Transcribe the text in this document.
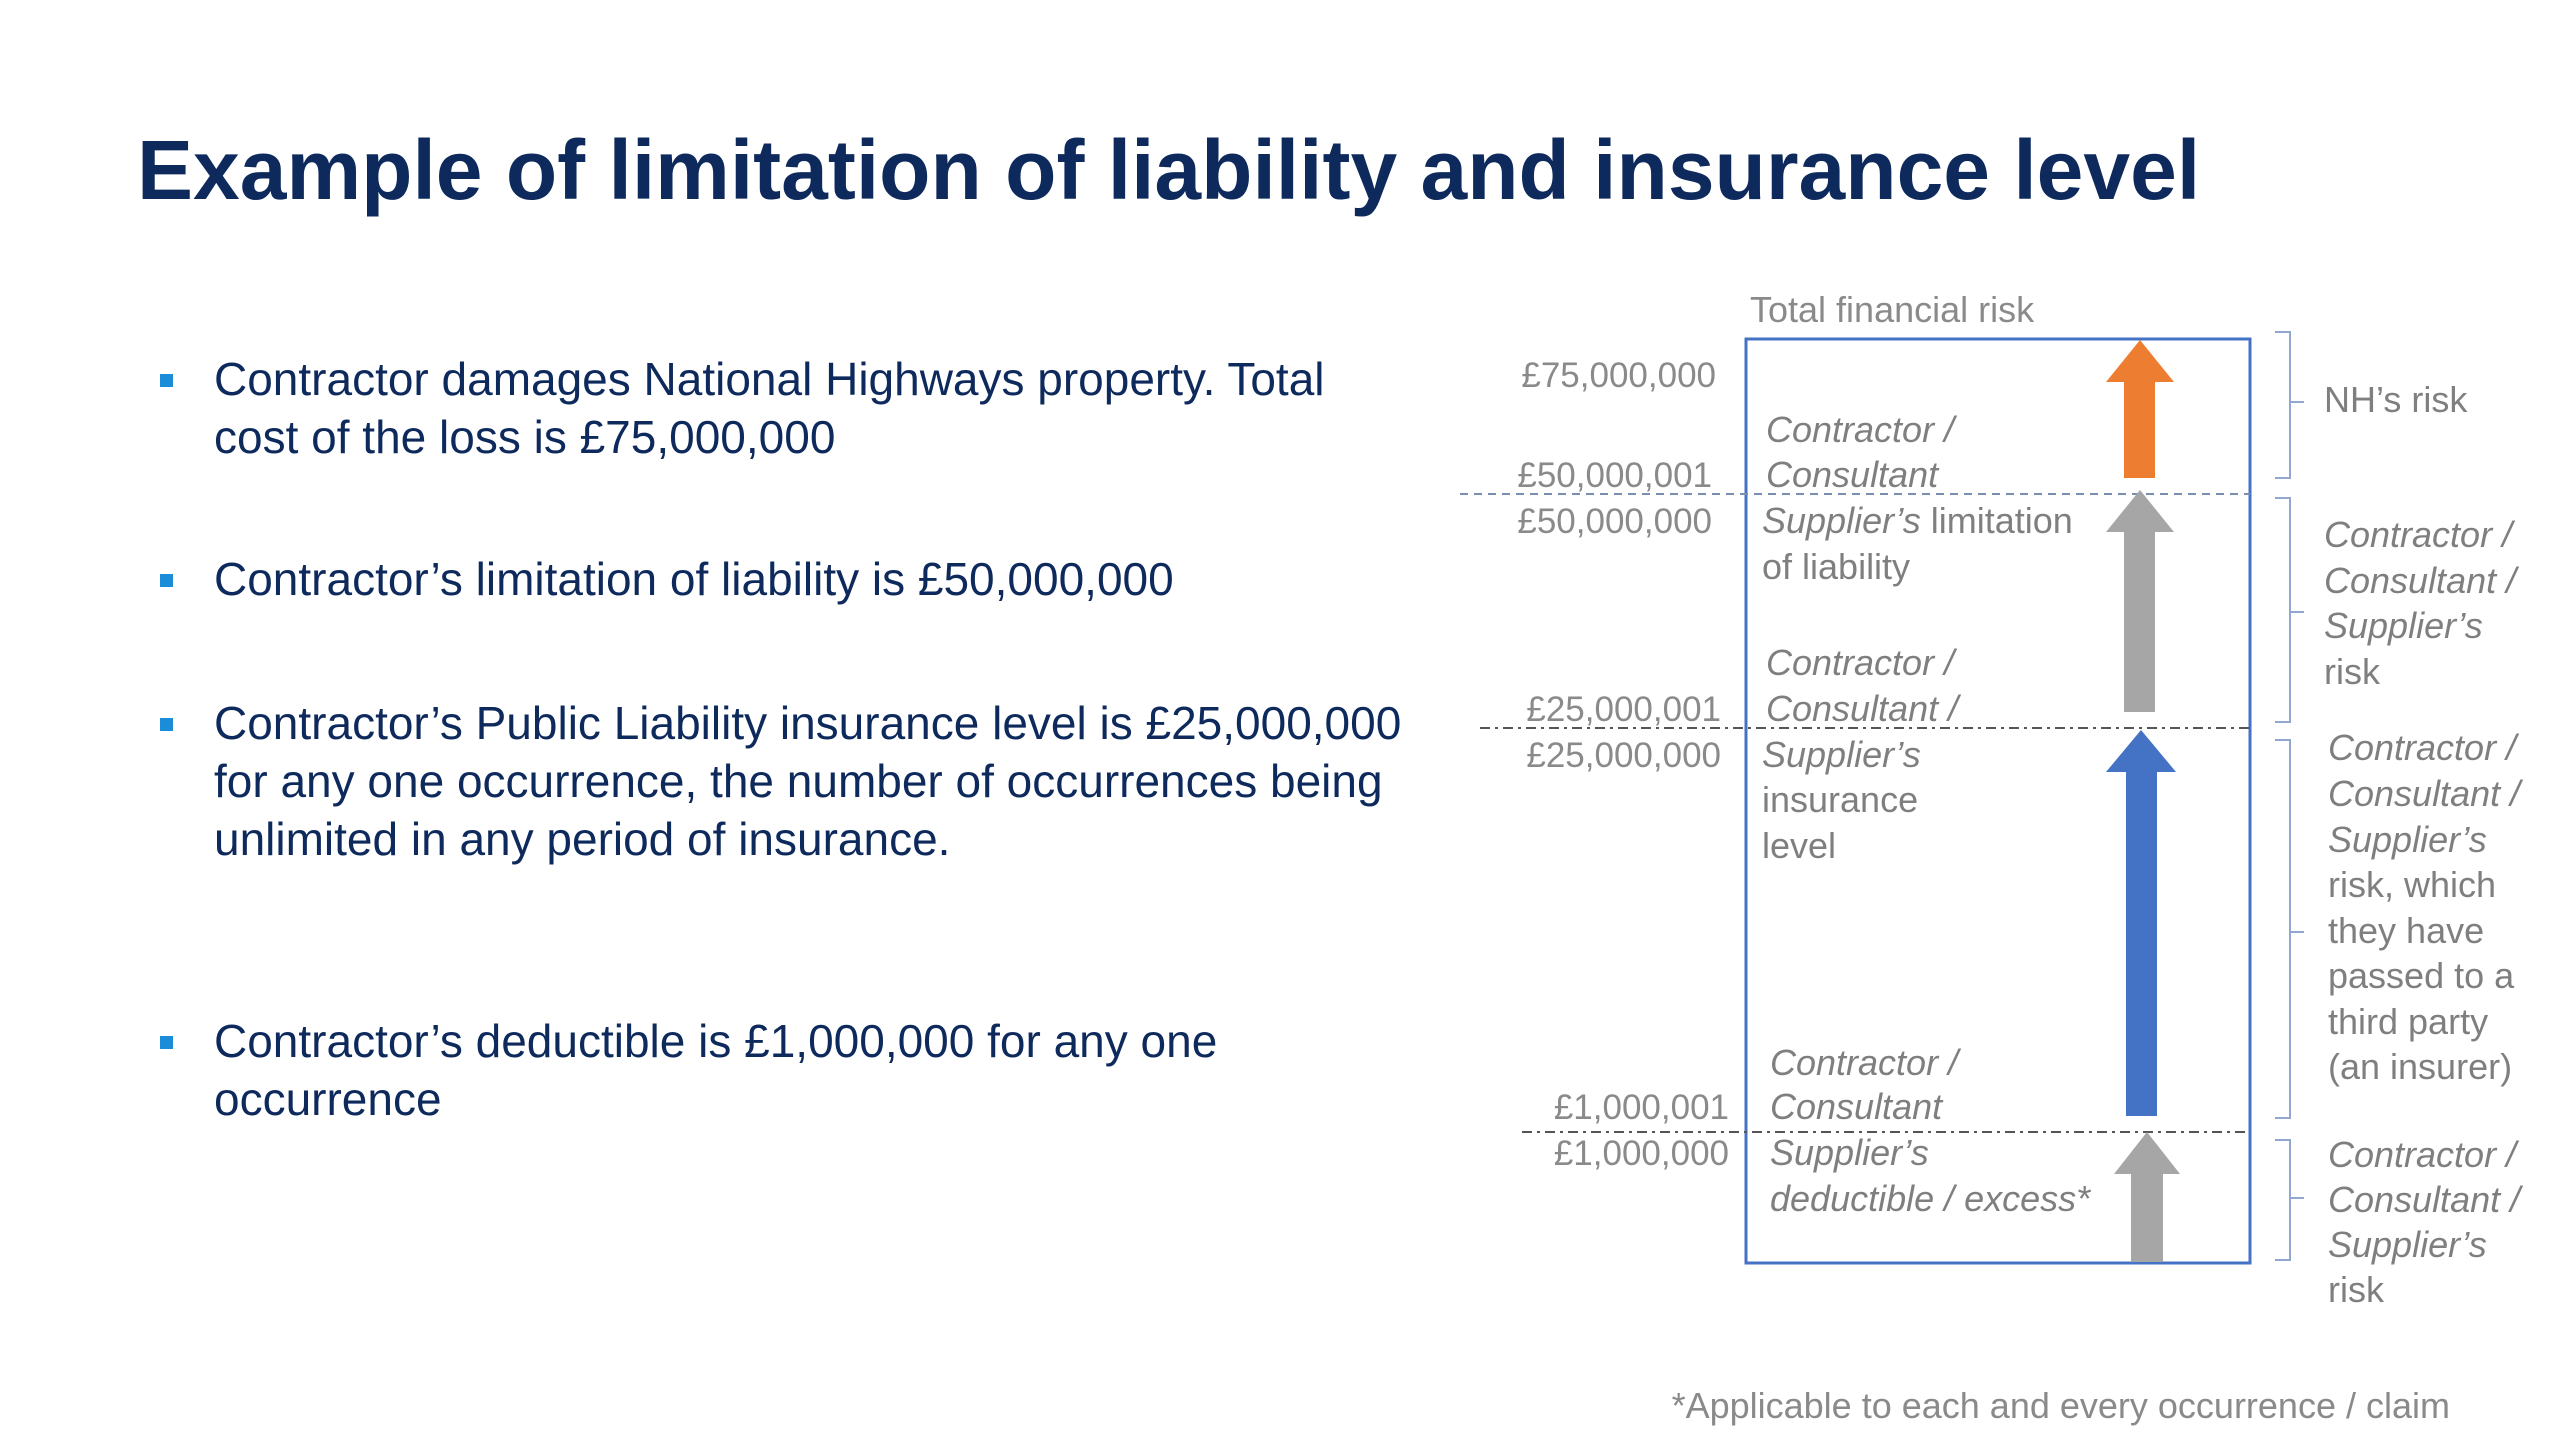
Example of limitation of liability and insurance level
Contractor damages National Highways property. Total cost of the loss is £75,000,000
Contractor’s limitation of liability is £50,000,000
Contractor’s Public Liability insurance level is £25,000,000 for any one occurrence, the number of occurrences being unlimited in any period of insurance.
Contractor’s deductible is £1,000,000 for any one occurrence
Total financial risk
£75,000,000
£50,000,001
£50,000,000
£25,000,001
£25,000,000
£1,000,001
£1,000,000
Contractor /
Consultant
Supplier’s limitation
of liability
Contractor /
Consultant /
Supplier’s
insurance
level
Contractor /
Consultant
Supplier’s
deductible / excess*
NH’s risk
Contractor /
Consultant /
Supplier’s
risk
Contractor /
Consultant /
Supplier’s
risk, which
they have
passed to a
third party
(an insurer)
Contractor /
Consultant /
Supplier’s
risk
*Applicable to each and every occurrence / claim
